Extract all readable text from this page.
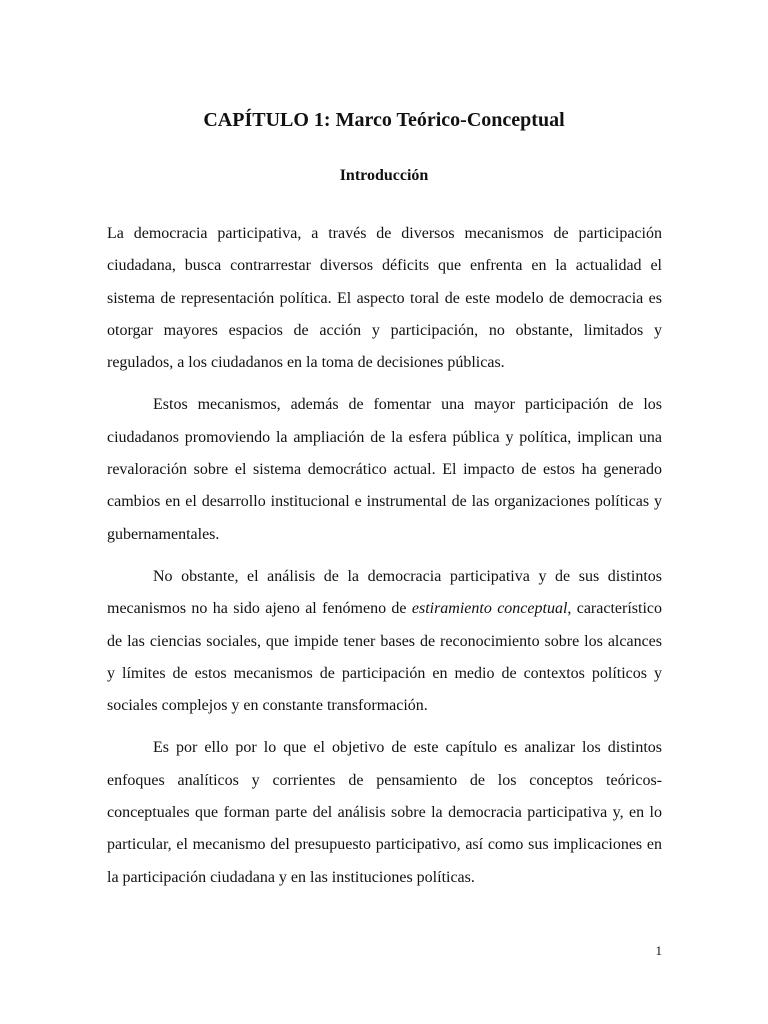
CAPÍTULO 1: Marco Teórico-Conceptual
Introducción

La democracia participativa, a través de diversos mecanismos de participación ciudadana, busca contrarrestar diversos déficits que enfrenta en la actualidad el sistema de representación política. El aspecto toral de este modelo de democracia es otorgar mayores espacios de acción y participación, no obstante, limitados y regulados, a los ciudadanos en la toma de decisiones públicas.

Estos mecanismos, además de fomentar una mayor participación de los ciudadanos promoviendo la ampliación de la esfera pública y política, implican una revaloración sobre el sistema democrático actual. El impacto de estos ha generado cambios en el desarrollo institucional e instrumental de las organizaciones políticas y gubernamentales.

No obstante, el análisis de la democracia participativa y de sus distintos mecanismos no ha sido ajeno al fenómeno de estiramiento conceptual, característico de las ciencias sociales, que impide tener bases de reconocimiento sobre los alcances y límites de estos mecanismos de participación en medio de contextos políticos y sociales complejos y en constante transformación.

Es por ello por lo que el objetivo de este capítulo es analizar los distintos enfoques analíticos y corrientes de pensamiento de los conceptos teóricos-conceptuales que forman parte del análisis sobre la democracia participativa y, en lo particular, el mecanismo del presupuesto participativo, así como sus implicaciones en la participación ciudadana y en las instituciones políticas.

1
